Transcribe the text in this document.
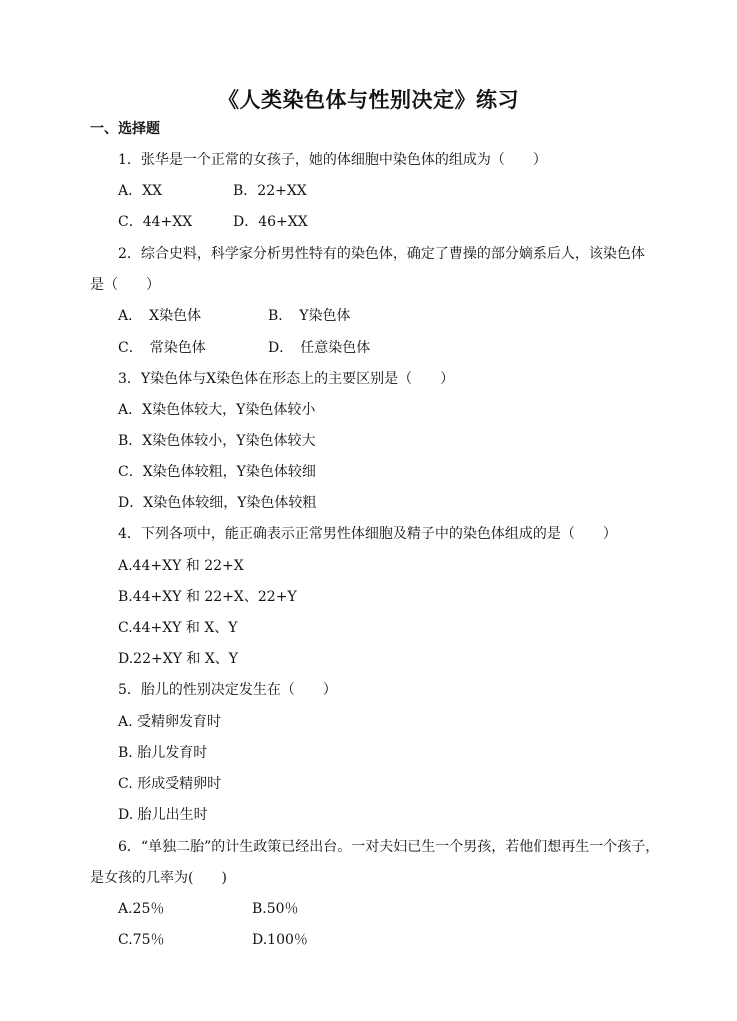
《人类染色体与性别决定》练习
一、选择题
1．张华是一个正常的女孩子，她的体细胞中染色体的组成为（　　）
A．XX	B．22+XX
C．44+XX	D．46+XX
2．综合史料，科学家分析男性特有的染色体，确定了曹操的部分嫡系后人，该染色体
是（　　）
A．　X染色体	B．　Y染色体
C．　常染色体	D．　任意染色体
3．Y染色体与X染色体在形态上的主要区别是（　　）
A．X染色体较大，Y染色体较小
B．X染色体较小，Y染色体较大
C．X染色体较粗，Y染色体较细
D．X染色体较细，Y染色体较粗
4．下列各项中，能正确表示正常男性体细胞及精子中的染色体组成的是（　　）
A.44+XY 和 22+X
B.44+XY 和 22+X、22+Y
C.44+XY 和 X、Y
D.22+XY 和 X、Y
5．胎儿的性别决定发生在（　　）
A. 受精卵发育时
B. 胎儿发育时
C. 形成受精卵时
D. 胎儿出生时
6．“单独二胎”的计生政策已经出台。一对夫妇已生一个男孩，若他们想再生一个孩子，
是女孩的几率为(　　)
A.25％	B.50％
C.75％	D.100％
